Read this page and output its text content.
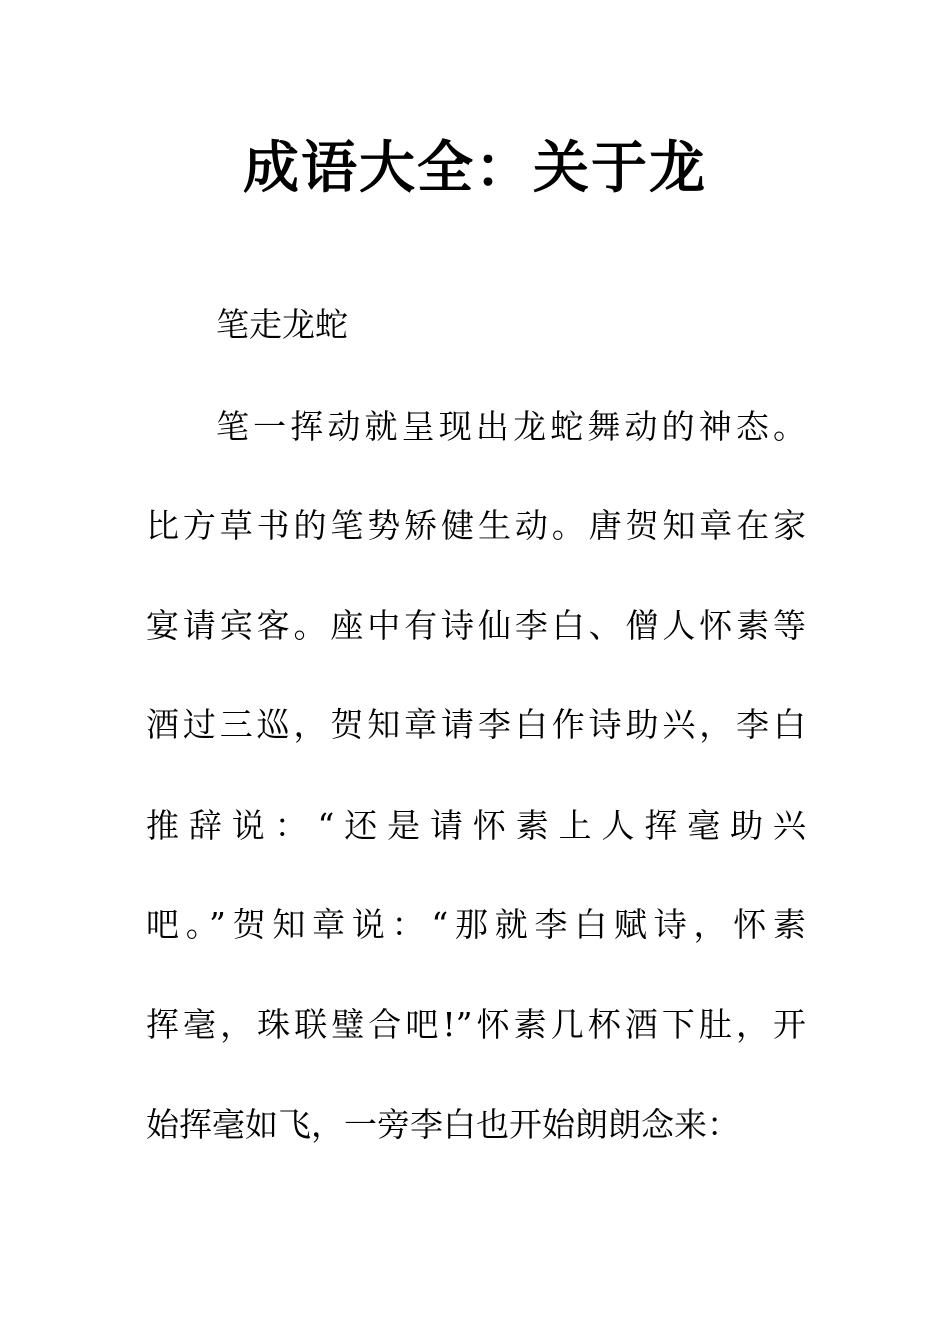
成语大全：关于龙
笔走龙蛇
笔一挥动就呈现出龙蛇舞动的神态。
比方草书的笔势矫健生动。唐贺知章在家
宴请宾客。座中有诗仙李白、僧人怀素等
酒过三巡，贺知章请李白作诗助兴，李白
推辞说：“还是请怀素上人挥毫助兴
吧。”贺知章说：“那就李白赋诗，怀素
挥毫，珠联璧合吧!”怀素几杯酒下肚，开
始挥毫如飞，一旁李白也开始朗朗念来：
